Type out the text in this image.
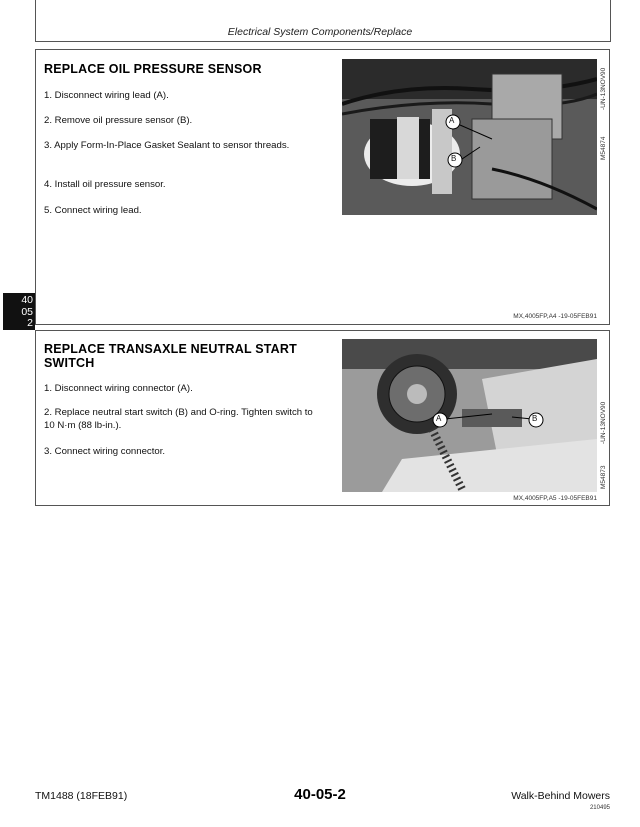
Electrical System Components/Replace
40
05
2
REPLACE OIL PRESSURE SENSOR
1. Disconnect wiring lead (A).
2. Remove oil pressure sensor (B).
3. Apply Form-In-Place Gasket Sealant to sensor threads.
4. Install oil pressure sensor.
5. Connect wiring lead.
A
B	M54874
-UN-13NOV90
MX,4005FP,A4 -19-05FEB91
REPLACE TRANSAXLE NEUTRAL START SWITCH
1. Disconnect wiring connector (A).
2. Replace neutral start switch (B) and O-ring. Tighten switch to 10 N·m (88 lb-in.).
3. Connect wiring connector.
A	B
M54873
-UN-13NOV90
MX,4005FP,A5 -19-05FEB91
TM1488 (18FEB91)	40-05-2	Walk-Behind Mowers
210495
